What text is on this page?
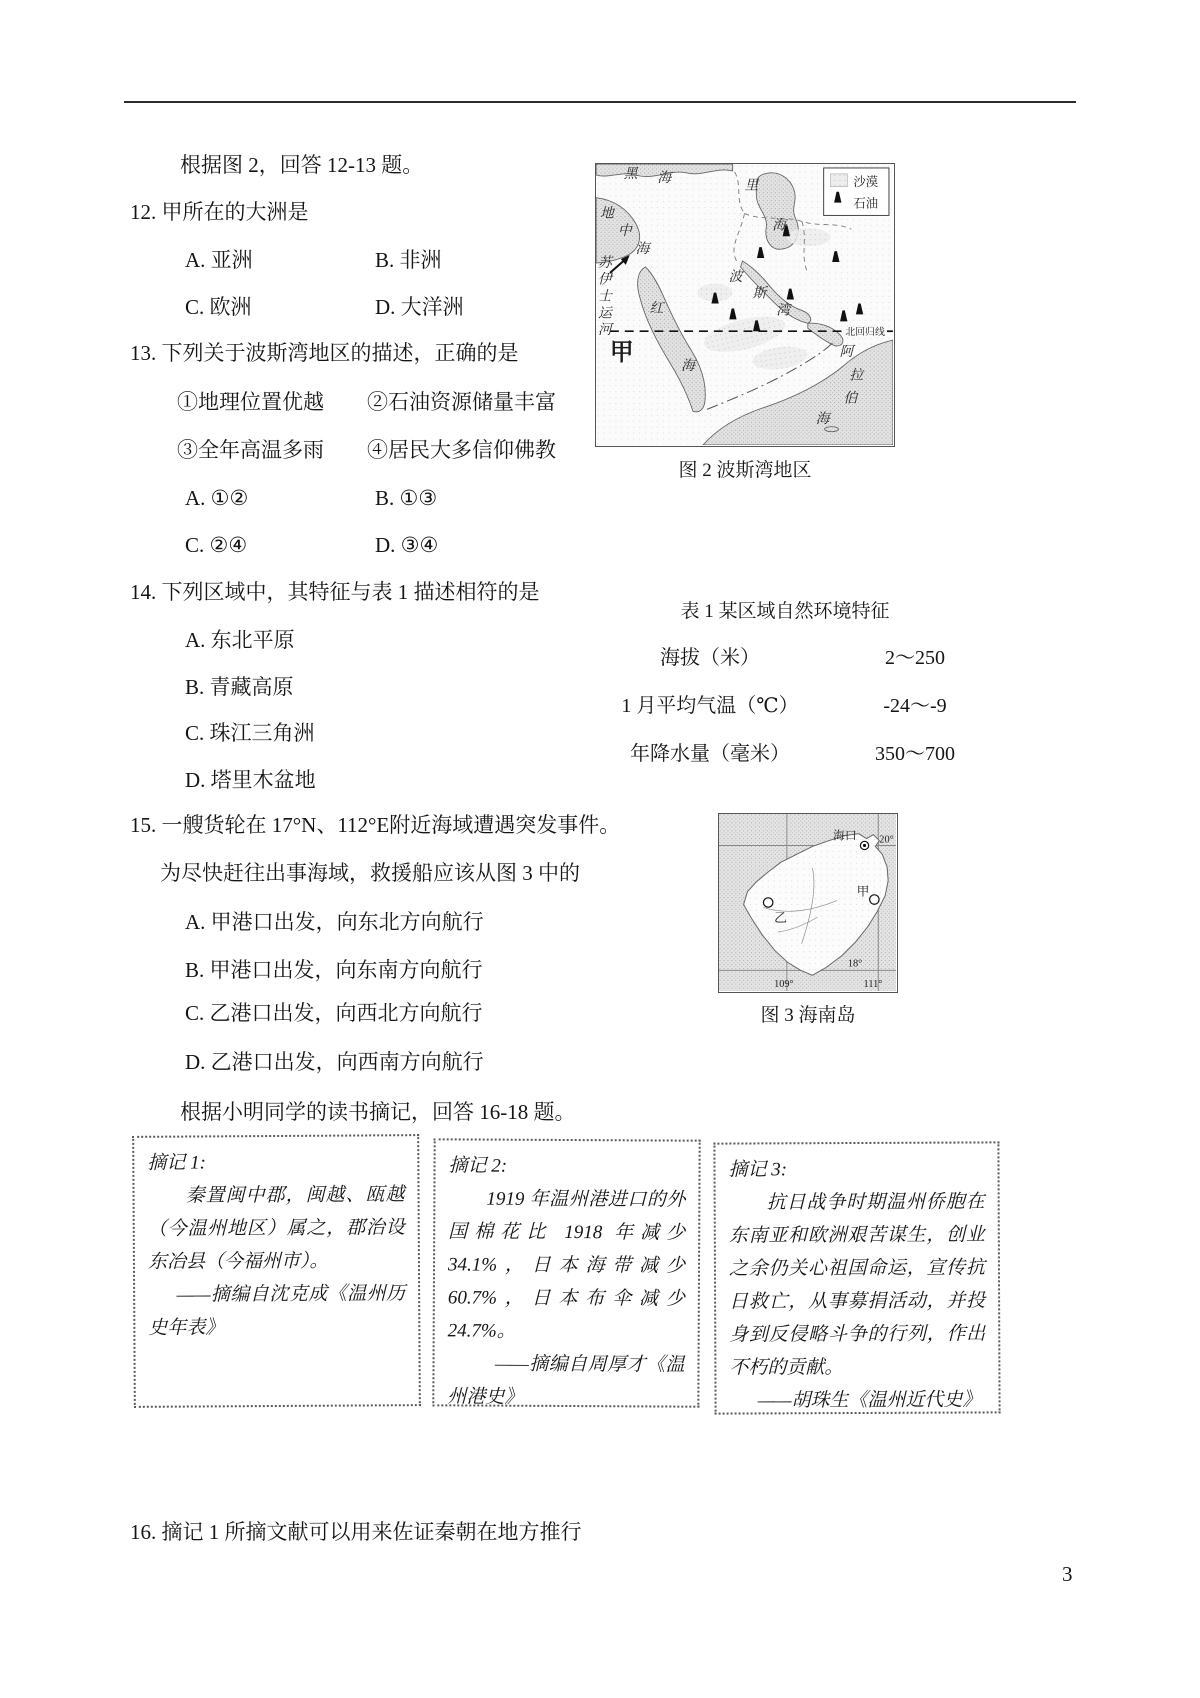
根据图 2，回答 12-13 题。
12. 甲所在的大洲是
A. 亚洲	B. 非洲
C. 欧洲	D. 大洋洲
13. 下列关于波斯湾地区的描述，正确的是
①地理位置优越 ②石油资源储量丰富
③全年高温多雨 ④居民大多信仰佛教
A. ①②	B. ①③
C. ②④	D. ③④
北回归线
黑 海
里
海
地
中
海
红
海
波
斯
湾
阿
拉
伯
海
苏
伊
士
运
河
甲
沙漠
石油
图 2 波斯湾地区
14. 下列区域中，其特征与表 1 描述相符的是
A. 东北平原
B. 青藏高原
C. 珠江三角洲
D. 塔里木盆地
表 1 某区域自然环境特征
海拔（米）	2～250
1 月平均气温（℃）	-24～-9
年降水量（毫米）	350～700
15. 一艘货轮在 17°N、112°E附近海域遭遇突发事件。
为尽快赶往出事海域，救援船应该从图 3 中的
A. 甲港口出发，向东北方向航行
B. 甲港口出发，向东南方向航行
C. 乙港口出发，向西北方向航行
D. 乙港口出发，向西南方向航行
海口
甲
乙
20°
18°
109°	111°
图 3 海南岛
根据小明同学的读书摘记，回答 16-18 题。

摘记 1:

秦置闽中郡，闽越、瓯越（今温州地区）属之，郡治设东冶县（今福州市）。

——摘编自沈克成《温州历史年表》

摘记 2:

1919 年温州港进口的外国棉花比 1918 年减少 34.1%，日本海带减少 60.7%，日本布伞减少 24.7%。

——摘编自周厚才《温州港史》

摘记 3:

抗日战争时期温州侨胞在东南亚和欧洲艰苦谋生，创业之余仍关心祖国命运，宣传抗日救亡，从事募捐活动，并投身到反侵略斗争的行列，作出不朽的贡献。

——胡珠生《温州近代史》

16. 摘记 1 所摘文献可以用来佐证秦朝在地方推行
3
